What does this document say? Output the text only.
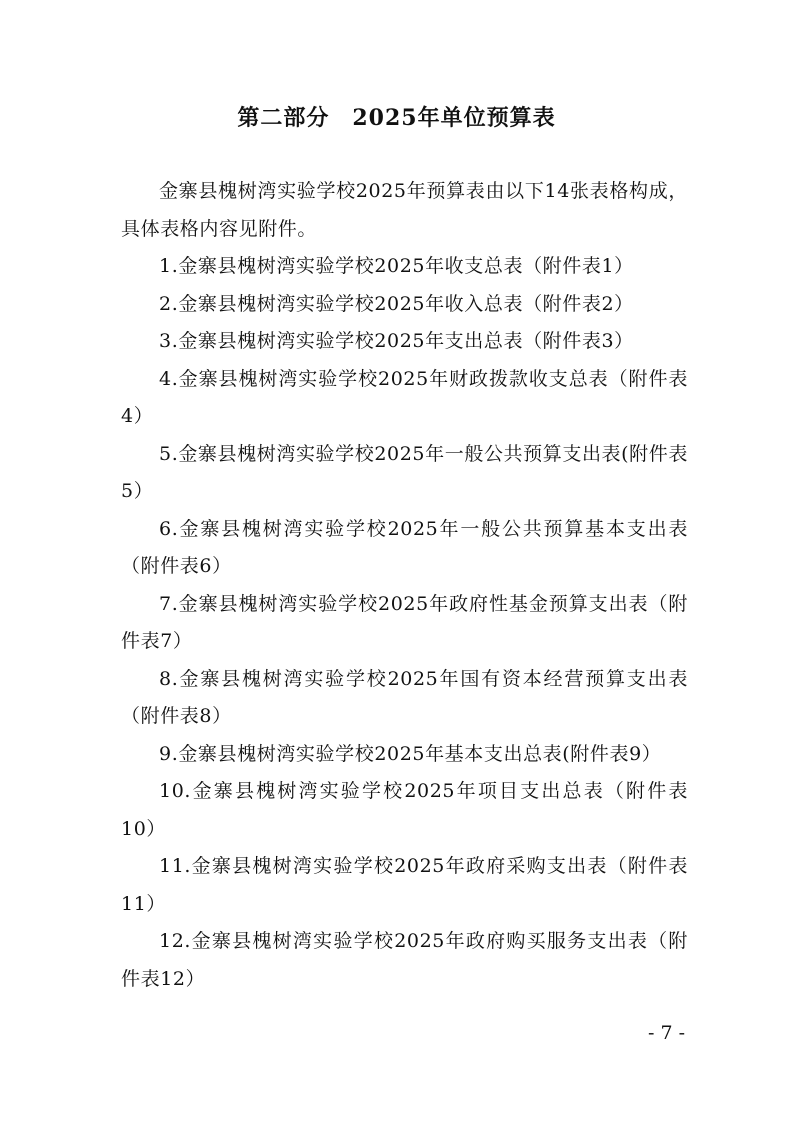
第二部分　2025年单位预算表

金寨县槐树湾实验学校2025年预算表由以下14张表格构成，具体表格内容见附件。

1.金寨县槐树湾实验学校2025年收支总表（附件表1）

2.金寨县槐树湾实验学校2025年收入总表（附件表2）

3.金寨县槐树湾实验学校2025年支出总表（附件表3）

4.金寨县槐树湾实验学校2025年财政拨款收支总表（附件表4）

5.金寨县槐树湾实验学校2025年一般公共预算支出表(附件表5）

6.金寨县槐树湾实验学校2025年一般公共预算基本支出表（附件表6）

7.金寨县槐树湾实验学校2025年政府性基金预算支出表（附件表7）

8.金寨县槐树湾实验学校2025年国有资本经营预算支出表（附件表8）

9.金寨县槐树湾实验学校2025年基本支出总表(附件表9）

10.金寨县槐树湾实验学校2025年项目支出总表（附件表10）

11.金寨县槐树湾实验学校2025年政府采购支出表（附件表11）

12.金寨县槐树湾实验学校2025年政府购买服务支出表（附件表12）

- 7 -
